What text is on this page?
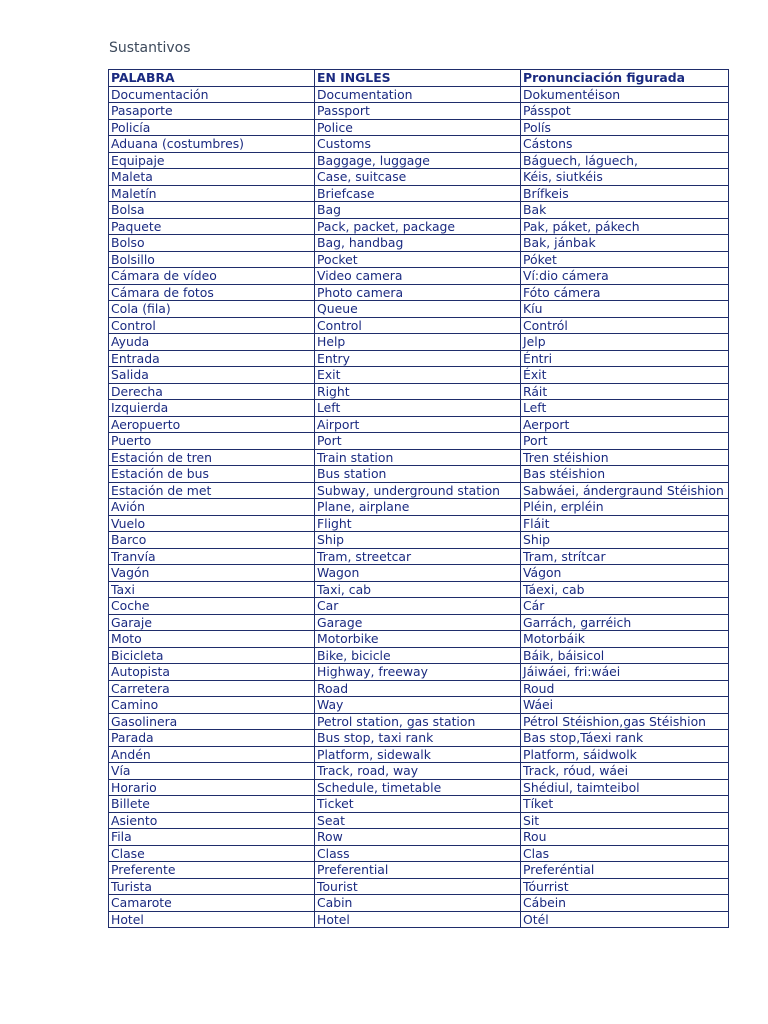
Sustantivos
PALABRA	EN INGLES	Pronunciación figurada
Documentación	Documentation	Dokumentéison
Pasaporte	Passport	Pásspot
Policía	Police	Polís
Aduana (costumbres)	Customs	Cástons
Equipaje	Baggage, luggage	Báguech, láguech,
Maleta	Case, suitcase	Kéis, siutkéis
Maletín	Briefcase	Brífkeis
Bolsa	Bag	Bak
Paquete	Pack, packet, package	Pak, páket, pákech
Bolso	Bag, handbag	Bak, jánbak
Bolsillo	Pocket	Póket
Cámara de vídeo	Video camera	Ví:dio cámera
Cámara de fotos	Photo camera	Fóto cámera
Cola (fila)	Queue	Kíu
Control	Control	Contról
Ayuda	Help	Jelp
Entrada	Entry	Éntri
Salida	Exit	Éxit
Derecha	Right	Ráit
Izquierda	Left	Left
Aeropuerto	Airport	Aerport
Puerto	Port	Port
Estación de tren	Train station	Tren stéishion
Estación de bus	Bus station	Bas stéishion
Estación de met	Subway, underground station	Sabwáei, ándergraund Stéishion
Avión	Plane, airplane	Pléin, erpléin
Vuelo	Flight	Fláit
Barco	Ship	Ship
Tranvía	Tram, streetcar	Tram, strítcar
Vagón	Wagon	Vágon
Taxi	Taxi, cab	Táexi, cab
Coche	Car	Cár
Garaje	Garage	Garrách, garréich
Moto	Motorbike	Motorbáik
Bicicleta	Bike, bicicle	Báik, báisicol
Autopista	Highway, freeway	Jáiwáei, fri:wáei
Carretera	Road	Roud
Camino	Way	Wáei
Gasolinera	Petrol station, gas station	Pétrol Stéishion,gas Stéishion
Parada	Bus stop, taxi rank	Bas stop,Táexi rank
Andén	Platform, sidewalk	Platform, sáidwolk
Vía	Track, road, way	Track, róud, wáei
Horario	Schedule, timetable	Shédiul, taimteibol
Billete	Ticket	Tíket
Asiento	Seat	Sit
Fila	Row	Rou
Clase	Class	Clas
Preferente	Preferential	Preferéntial
Turista	Tourist	Tóurrist
Camarote	Cabin	Cábein
Hotel	Hotel	Otél
